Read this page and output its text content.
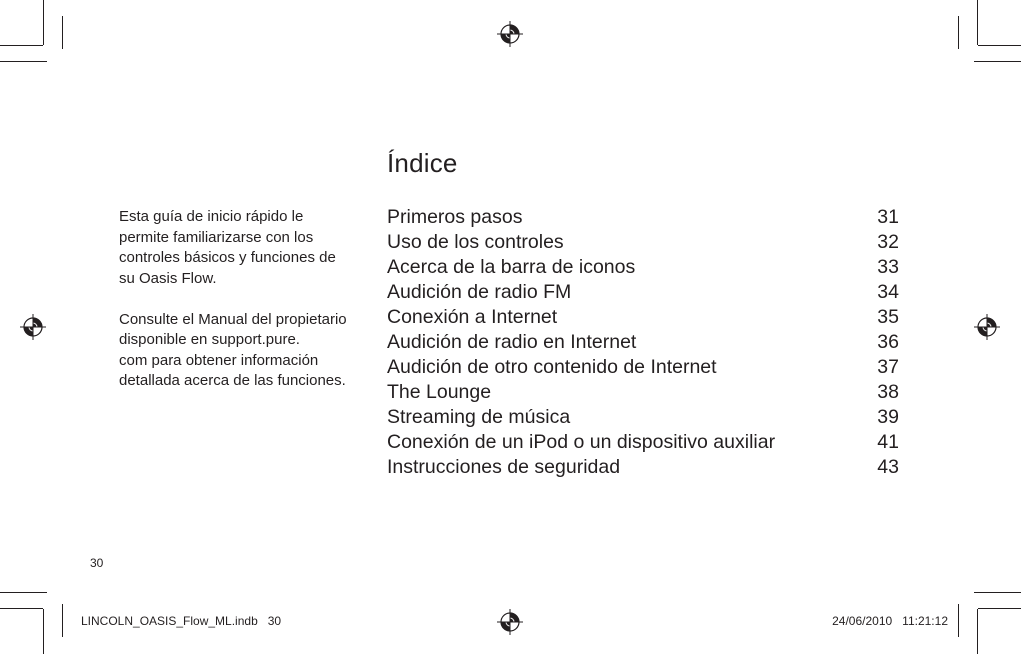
Índice

Esta guía de inicio rápido le
permite familiarizarse con los
controles básicos y funciones de
su Oasis Flow.

Consulte el Manual del propietario
disponible en support.pure.
com para obtener información
detallada acerca de las funciones.

Primeros pasos	31
Uso de los controles	32
Acerca de la barra de iconos	33
Audición de radio FM	34
Conexión a Internet	35
Audición de radio en Internet	36
Audición de otro contenido de Internet	37
The Lounge	38
Streaming de música	39
Conexión de un iPod o un dispositivo auxiliar	41
Instrucciones de seguridad	43
30
LINCOLN_OASIS_Flow_ML.indb   30	24/06/2010   11:21:12
